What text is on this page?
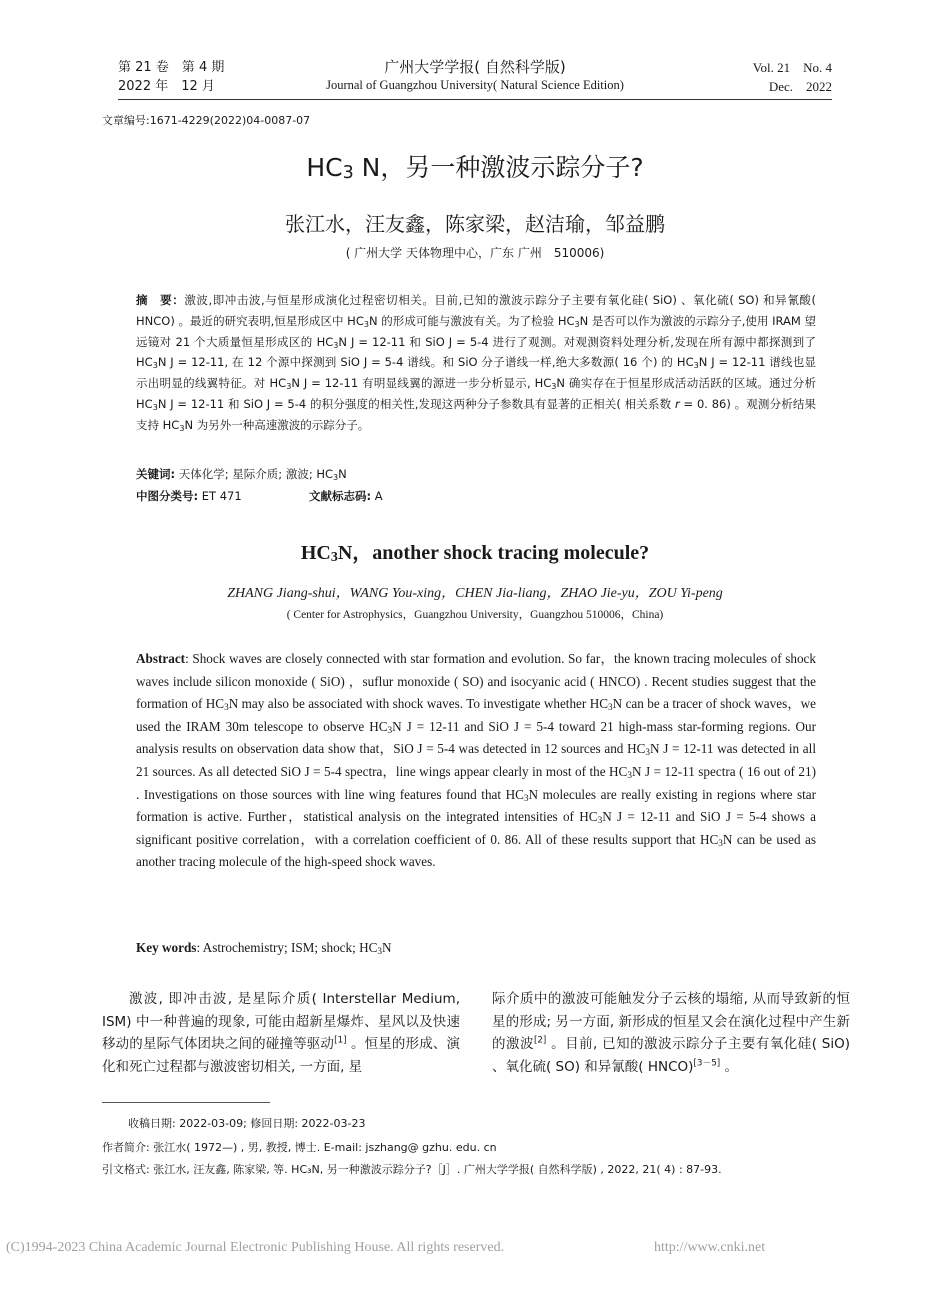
第 21 卷　第 4 期
2022 年　12 月
广州大学学报( 自然科学版)
Journal of Guangzhou University( Natural Science Edition)
Vol. 21　No. 4
Dec.　2022
文章编号:1671-4229(2022)04-0087-07
$HC_3$ N，另一种激波示踪分子?
张江水，汪友鑫，陈家梁，赵洁瑜，邹益鹏
( 广州大学 天体物理中心，广东 广州　510006)
摘　要：激波,即冲击波,与恒星形成演化过程密切相关。目前,已知的激波示踪分子主要有氧化硅( SiO) 、氧化硫( SO) 和异氰酸( HNCO) 。最近的研究表明,恒星形成区中 $HC_3N$ 的形成可能与激波有关。为了检验 $HC_3N$ 是否可以作为激波的示踪分子,使用 IRAM 望远镜对 21 个大质量恒星形成区的 $HC_3N$ J = 12-11 和 SiO J = 5-4 进行了观测。对观测资料处理分析,发现在所有源中都探测到了 $HC_3N$ J = 12-11, 在 12 个源中探测到 SiO J = 5-4 谱线。和 SiO 分子谱线一样,绝大多数源( 16 个) 的 $HC_3N$ J = 12-11 谱线也显示出明显的线翼特征。对 $HC_3N$ J = 12-11 有明显线翼的源进一步分析显示, $HC_3N$ 确实存在于恒星形成活动活跃的区域。通过分析 $HC_3N$ J = 12-11 和 SiO J = 5-4 的积分强度的相关性,发现这两种分子参数具有显著的正相关( 相关系数 r = 0. 86) 。观测分析结果支持 $HC_3N$ 为另外一种高速激波的示踪分子。
关键词: 天体化学; 星际介质; 激波; $HC_3N$
中图分类号: ET 471	文献标志码: A
$HC_3N$，another shock tracing molecule?
ZHANG Jiang-shui，WANG You-xing，CHEN Jia-liang，ZHAO Jie-yu，ZOU Yi-peng
( Center for Astrophysics，Guangzhou University，Guangzhou 510006，China)
Abstract: Shock waves are closely connected with star formation and evolution. So far，the known tracing molecules of shock waves include silicon monoxide ( SiO) ，suflur monoxide ( SO) and isocyanic acid ( HNCO) . Recent studies suggest that the formation of $HC_3N$ may also be associated with shock waves. To investigate whether $HC_3N$ can be a tracer of shock waves，we used the IRAM 30m telescope to observe $HC_3N$ J = 12-11 and SiO J = 5-4 toward 21 high-mass star-forming regions. Our analysis results on observation data show that，SiO J = 5-4 was detected in 12 sources and $HC_3N$ J = 12-11 was detected in all 21 sources. As all detected SiO J = 5-4 spectra，line wings appear clearly in most of the $HC_3N$ J = 12-11 spectra ( 16 out of 21) . Investigations on those sources with line wing features found that $HC_3N$ molecules are really existing in regions where star formation is active. Further，statistical analysis on the integrated intensities of $HC_3N$ J = 12-11 and SiO J = 5-4 shows a significant positive correlation，with a correlation coefficient of 0. 86. All of these results support that $HC_3N$ can be used as another tracing molecule of the high-speed shock waves.
Key words: Astrochemistry; ISM; shock; $HC_3N$
激波, 即冲击波, 是星际介质( Interstellar Medium, ISM) 中一种普遍的现象, 可能由超新星爆炸、星风以及快速移动的星际气体团块之间的碰撞等驱动[1] 。恒星的形成、演化和死亡过程都与激波密切相关, 一方面, 星
际介质中的激波可能触发分子云核的塌缩, 从而导致新的恒星的形成; 另一方面, 新形成的恒星又会在演化过程中产生新的激波[2] 。目前, 已知的激波示踪分子主要有氧化硅( SiO) 、氧化硫( SO) 和异氰酸( HNCO)[3－5] 。
收稿日期: 2022-03-09; 修回日期: 2022-03-23
作者简介: 张江水( 1972—) , 男, 教授, 博士. E-mail: jszhang@ gzhu. edu. cn
引文格式: 张江水, 汪友鑫, 陈家梁, 等. HC₃N, 另一种激波示踪分子?［J］. 广州大学学报( 自然科学版) , 2022, 21( 4) : 87-93.
(C)1994-2023 China Academic Journal Electronic Publishing House. All rights reserved.	http://www.cnki.net
